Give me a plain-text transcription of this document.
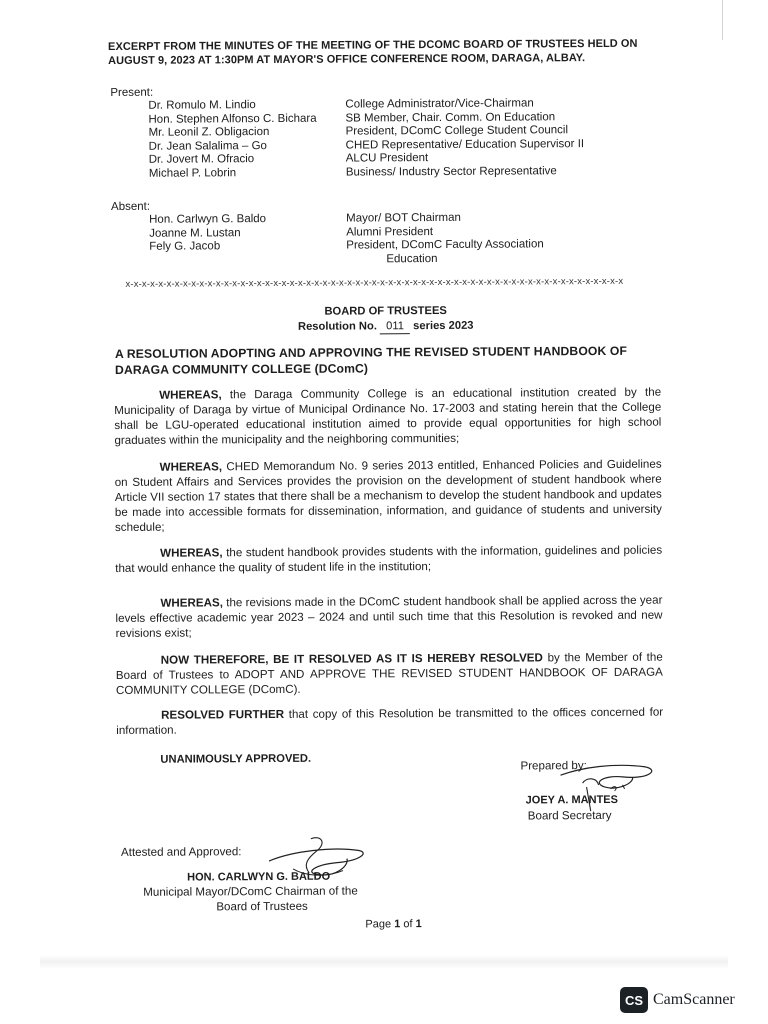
EXCERPT FROM THE MINUTES OF THE MEETING OF THE DCOMC BOARD OF TRUSTEES HELD ON

AUGUST 9, 2023 AT 1:30PM AT MAYOR'S OFFICE CONFERENCE ROOM, DARAGA, ALBAY.

Present:
Dr. Romulo M. Lindio	College Administrator/Vice-Chairman
Hon. Stephen Alfonso C. Bichara	SB Member, Chair. Comm. On Education
Mr. Leonil Z. Obligacion	President, DComC College Student Council
Dr. Jean Salalima – Go	CHED Representative/ Education Supervisor II
Dr. Jovert M. Ofracio	ALCU President
Michael P. Lobrin	Business/ Industry Sector Representative
Absent:
Hon. Carlwyn G. Baldo	Mayor/ BOT Chairman
Joanne M. Lustan	Alumni President
Fely G. Jacob	President, DComC Faculty Association
Education
x-x-x-x-x-x-x-x-x-x-x-x-x-x-x-x-x-x-x-x-x-x-x-x-x-x-x-x-x-x-x-x-x-x-x-x-x-x-x-x-x-x-x-x-x-x-x-x-x-x-x-x-x-x-x-x-x-x-x-x-x
BOARD OF TRUSTEES
Resolution No. 011 series 2023
A RESOLUTION ADOPTING AND APPROVING THE REVISED STUDENT HANDBOOK OF DARAGA COMMUNITY COLLEGE (DComC)
WHEREAS, the Daraga Community College is an educational institution created by the Municipality of Daraga by virtue of Municipal Ordinance No. 17-2003 and stating herein that the College shall be LGU-operated educational institution aimed to provide equal opportunities for high school graduates within the municipality and the neighboring communities;
WHEREAS, CHED Memorandum No. 9 series 2013 entitled, Enhanced Policies and Guidelines on Student Affairs and Services provides the provision on the development of student handbook where Article VII section 17 states that there shall be a mechanism to develop the student handbook and updates be made into accessible formats for dissemination, information, and guidance of students and university schedule;
WHEREAS, the student handbook provides students with the information, guidelines and policies that would enhance the quality of student life in the institution;
WHEREAS, the revisions made in the DComC student handbook shall be applied across the year levels effective academic year 2023 – 2024 and until such time that this Resolution is revoked and new revisions exist;
NOW THEREFORE, BE IT RESOLVED AS IT IS HEREBY RESOLVED by the Member of the Board of Trustees to ADOPT AND APPROVE THE REVISED STUDENT HANDBOOK OF DARAGA COMMUNITY COLLEGE (DComC).
RESOLVED FURTHER that copy of this Resolution be transmitted to the offices concerned for information.
UNANIMOUSLY APPROVED.	Prepared by:
JOEY A. MANTES
Board Secretary
Attested and Approved:
HON. CARLWYN G. BALDO
Municipal Mayor/DComC Chairman of the
Board of Trustees
Page 1 of 1
CS CamScanner
